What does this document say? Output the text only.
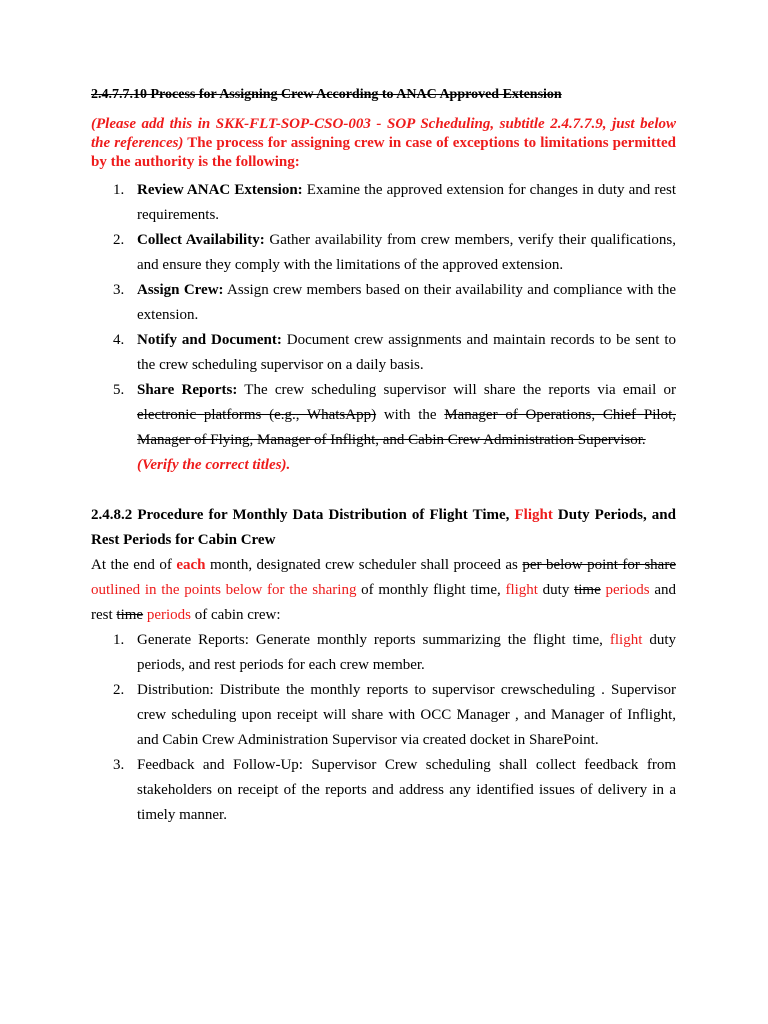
2.4.7.7.10 Process for Assigning Crew According to ANAC Approved Extension

(Please add this in SKK-FLT-SOP-CSO-003 - SOP Scheduling, subtitle 2.4.7.7.9, just below the references) The process for assigning crew in case of exceptions to limitations permitted by the authority is the following:

1. Review ANAC Extension: Examine the approved extension for changes in duty and rest requirements.
2. Collect Availability: Gather availability from crew members, verify their qualifications, and ensure they comply with the limitations of the approved extension.
3. Assign Crew: Assign crew members based on their availability and compliance with the extension.
4. Notify and Document: Document crew assignments and maintain records to be sent to the crew scheduling supervisor on a daily basis.
5. Share Reports: The crew scheduling supervisor will share the reports via email or electronic platforms (e.g., WhatsApp) with the Manager of Operations, Chief Pilot, Manager of Flying, Manager of Inflight, and Cabin Crew Administration Supervisor.
(Verify the correct titles).

2.4.8.2 Procedure for Monthly Data Distribution of Flight Time, Flight Duty Periods, and Rest Periods for Cabin Crew

At the end of each month, designated crew scheduler shall proceed as per below point for share outlined in the points below for the sharing of monthly flight time, flight duty time periods and rest time periods of cabin crew:

1. Generate Reports: Generate monthly reports summarizing the flight time, flight duty periods, and rest periods for each crew member.
2. Distribution: Distribute the monthly reports to supervisor crewscheduling . Supervisor crew scheduling upon receipt will share with OCC Manager , and Manager of Inflight, and Cabin Crew Administration Supervisor via created docket in SharePoint.
3. Feedback and Follow-Up: Supervisor Crew scheduling shall collect feedback from stakeholders on receipt of the reports and address any identified issues of delivery in a timely manner.
